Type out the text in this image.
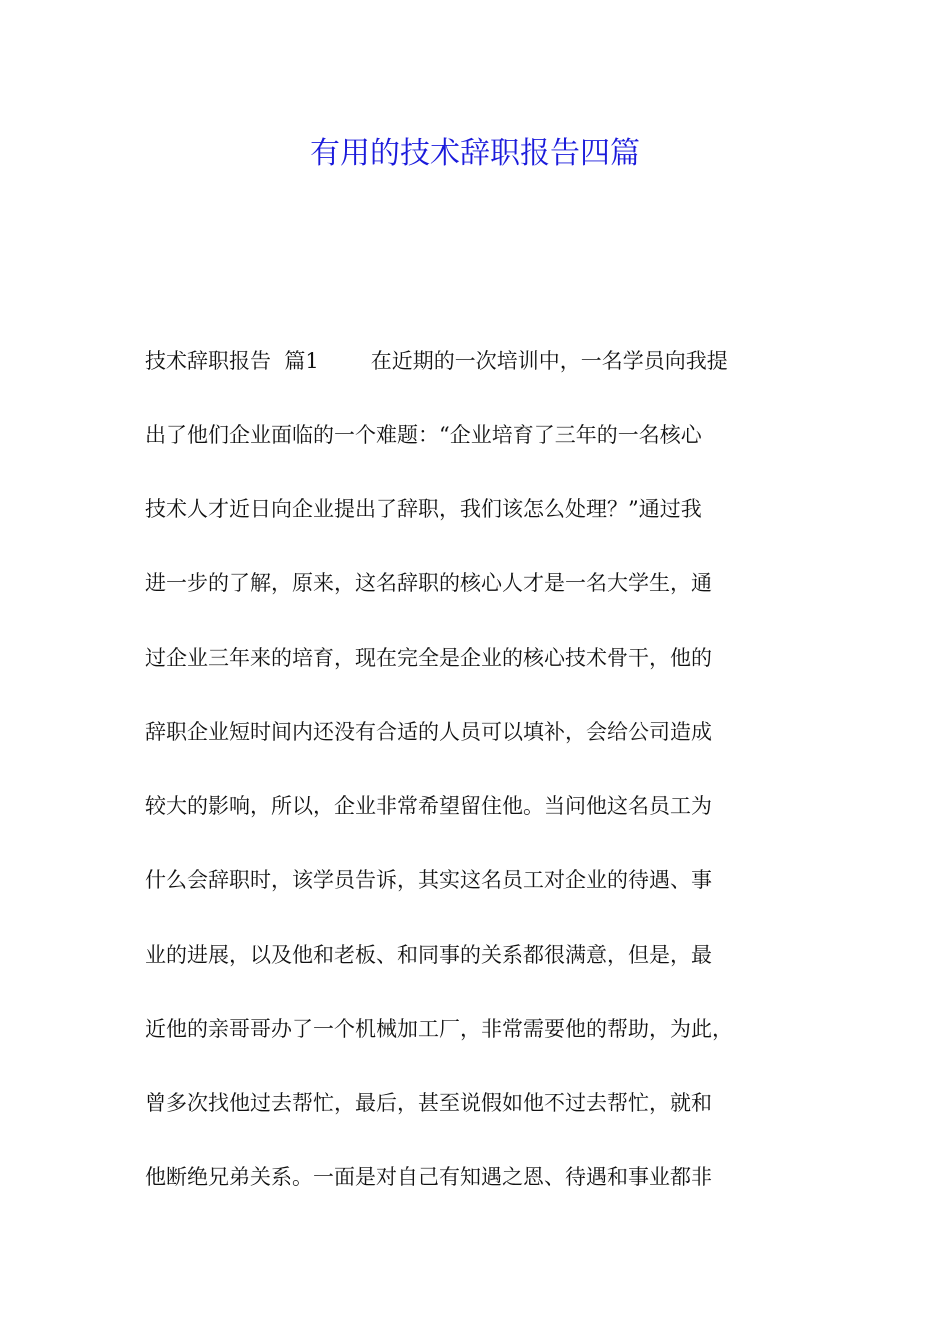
有用的技术辞职报告四篇
技术辞职报告  篇1 在近期的一次培训中，一名学员向我提
出了他们企业面临的一个难题：“企业培育了三年的一名核心
技术人才近日向企业提出了辞职，我们该怎么处理？”通过我
进一步的了解，原来，这名辞职的核心人才是一名大学生，通
过企业三年来的培育，现在完全是企业的核心技术骨干，他的
辞职企业短时间内还没有合适的人员可以填补，会给公司造成
较大的影响，所以，企业非常希望留住他。当问他这名员工为
什么会辞职时，该学员告诉，其实这名员工对企业的待遇、事
业的进展，以及他和老板、和同事的关系都很满意，但是，最
近他的亲哥哥办了一个机械加工厂，非常需要他的帮助，为此，
曾多次找他过去帮忙，最后，甚至说假如他不过去帮忙，就和
他断绝兄弟关系。一面是对自己有知遇之恩、待遇和事业都非
